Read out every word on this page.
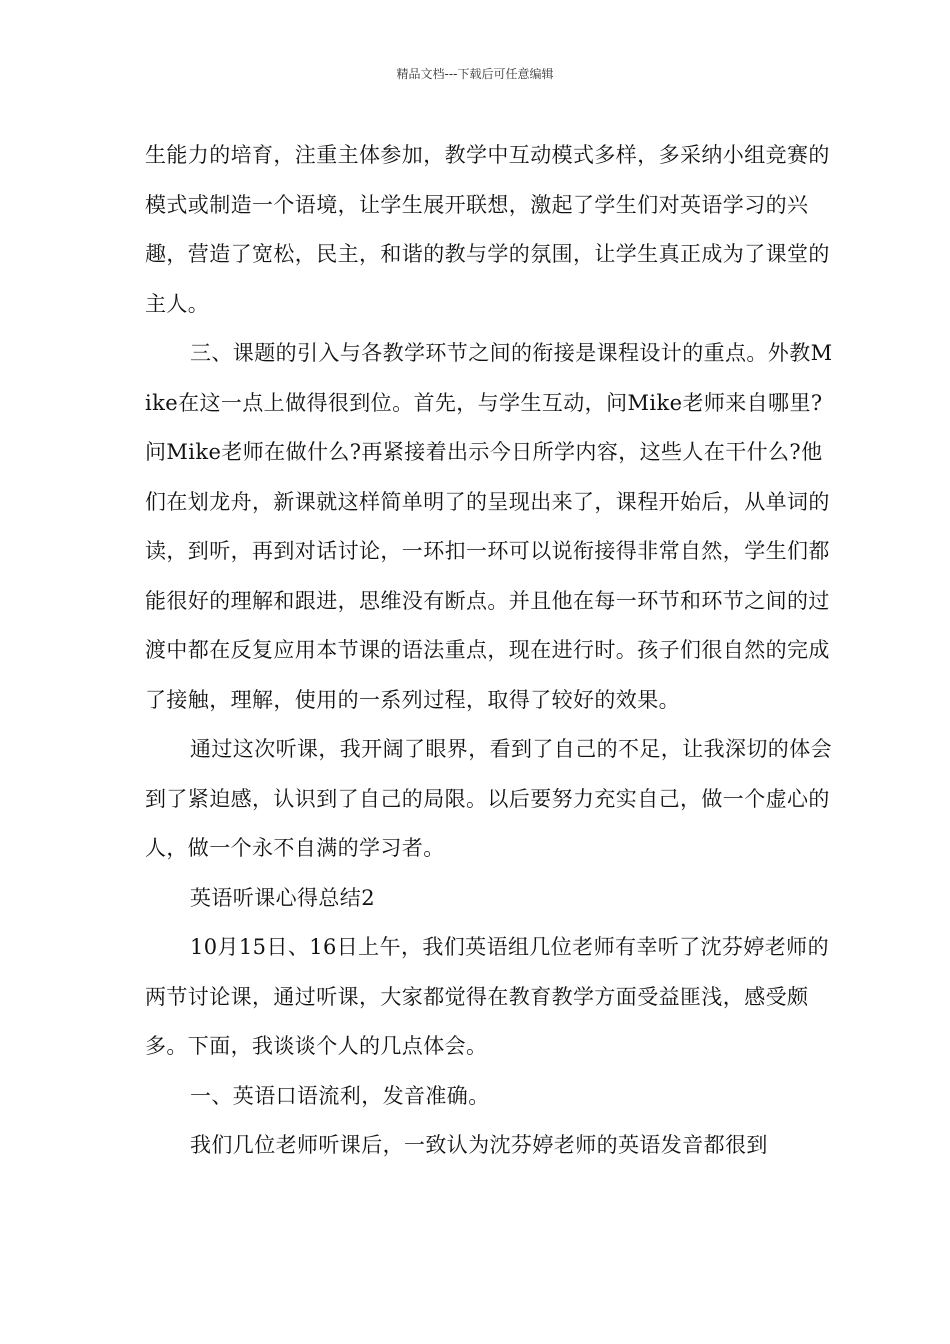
精品文档---下载后可任意编辑

生能力的培育，注重主体参加，教学中互动模式多样，多采纳小组竞赛的模式或制造一个语境，让学生展开联想，激起了学生们对英语学习的兴趣，营造了宽松，民主，和谐的教与学的氛围，让学生真正成为了课堂的主人。

三、课题的引入与各教学环节之间的衔接是课程设计的重点。外教Mike在这一点上做得很到位。首先，与学生互动，问Mike老师来自哪里?问Mike老师在做什么?再紧接着出示今日所学内容，这些人在干什么?他们在划龙舟，新课就这样简单明了的呈现出来了，课程开始后，从单词的读，到听，再到对话讨论，一环扣一环可以说衔接得非常自然，学生们都能很好的理解和跟进，思维没有断点。并且他在每一环节和环节之间的过渡中都在反复应用本节课的语法重点，现在进行时。孩子们很自然的完成了接触，理解，使用的一系列过程，取得了较好的效果。

通过这次听课，我开阔了眼界，看到了自己的不足，让我深切的体会到了紧迫感，认识到了自己的局限。以后要努力充实自己，做一个虚心的人，做一个永不自满的学习者。

英语听课心得总结2

10月15日、16日上午，我们英语组几位老师有幸听了沈芬婷老师的两节讨论课，通过听课，大家都觉得在教育教学方面受益匪浅，感受颇多。下面，我谈谈个人的几点体会。

一、英语口语流利，发音准确。

我们几位老师听课后，一致认为沈芬婷老师的英语发音都很到
